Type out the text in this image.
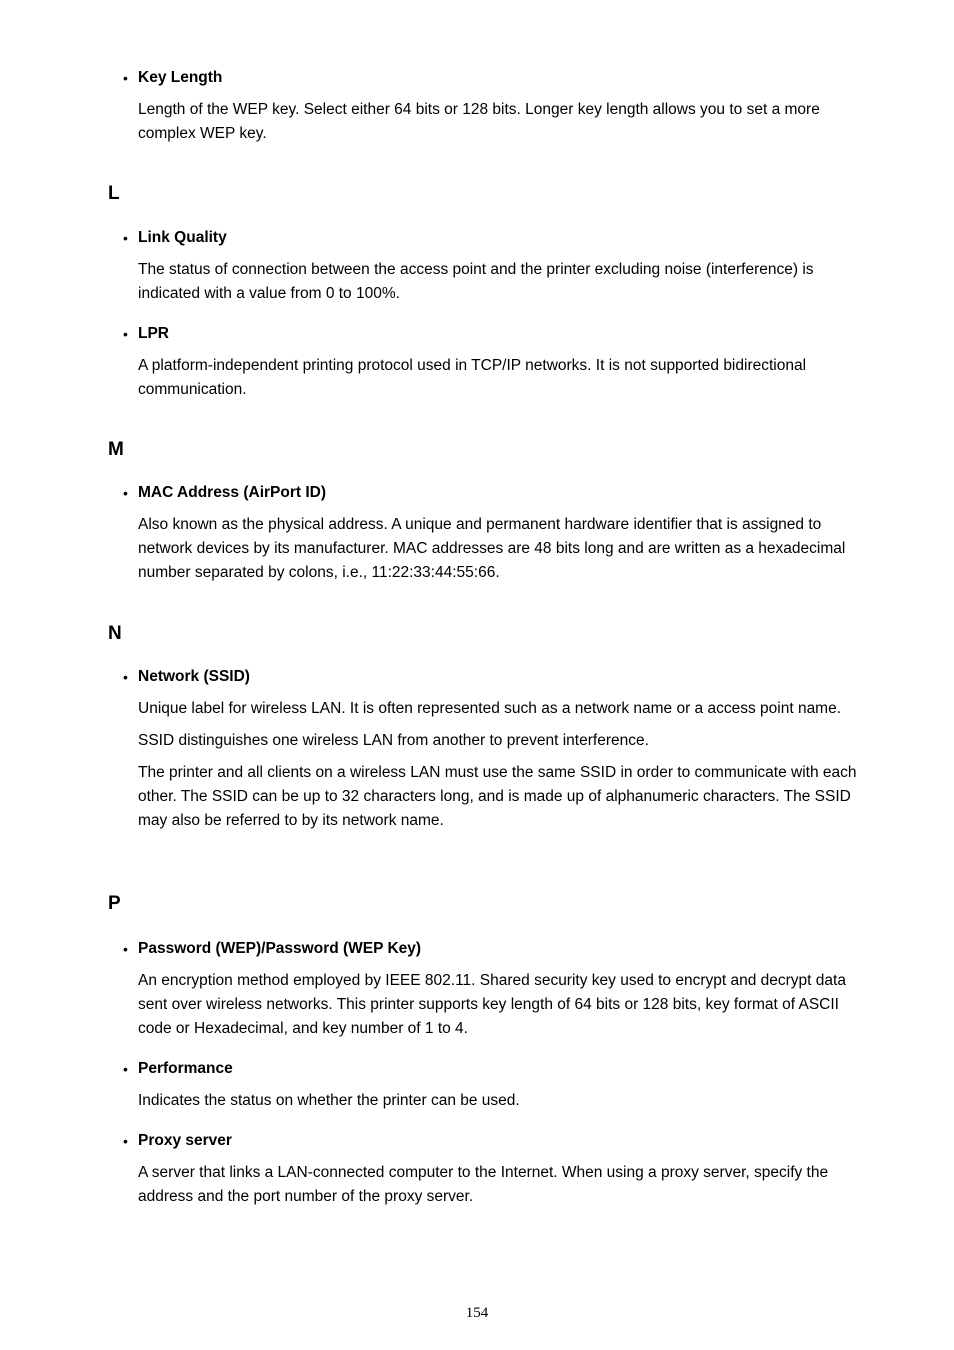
• Key Length

Length of the WEP key. Select either 64 bits or 128 bits. Longer key length allows you to set a more complex WEP key.

L
• Link Quality

The status of connection between the access point and the printer excluding noise (interference) is indicated with a value from 0 to 100%.

• LPR

A platform-independent printing protocol used in TCP/IP networks. It is not supported bidirectional communication.

M
• MAC Address (AirPort ID)

Also known as the physical address. A unique and permanent hardware identifier that is assigned to network devices by its manufacturer. MAC addresses are 48 bits long and are written as a hexadecimal number separated by colons, i.e., 11:22:33:44:55:66.

N
• Network (SSID)

Unique label for wireless LAN. It is often represented such as a network name or a access point name.

SSID distinguishes one wireless LAN from another to prevent interference.

The printer and all clients on a wireless LAN must use the same SSID in order to communicate with each other. The SSID can be up to 32 characters long, and is made up of alphanumeric characters. The SSID may also be referred to by its network name.

P
• Password (WEP)/Password (WEP Key)

An encryption method employed by IEEE 802.11. Shared security key used to encrypt and decrypt data sent over wireless networks. This printer supports key length of 64 bits or 128 bits, key format of ASCII code or Hexadecimal, and key number of 1 to 4.

• Performance

Indicates the status on whether the printer can be used.

• Proxy server

A server that links a LAN-connected computer to the Internet. When using a proxy server, specify the address and the port number of the proxy server.

154
